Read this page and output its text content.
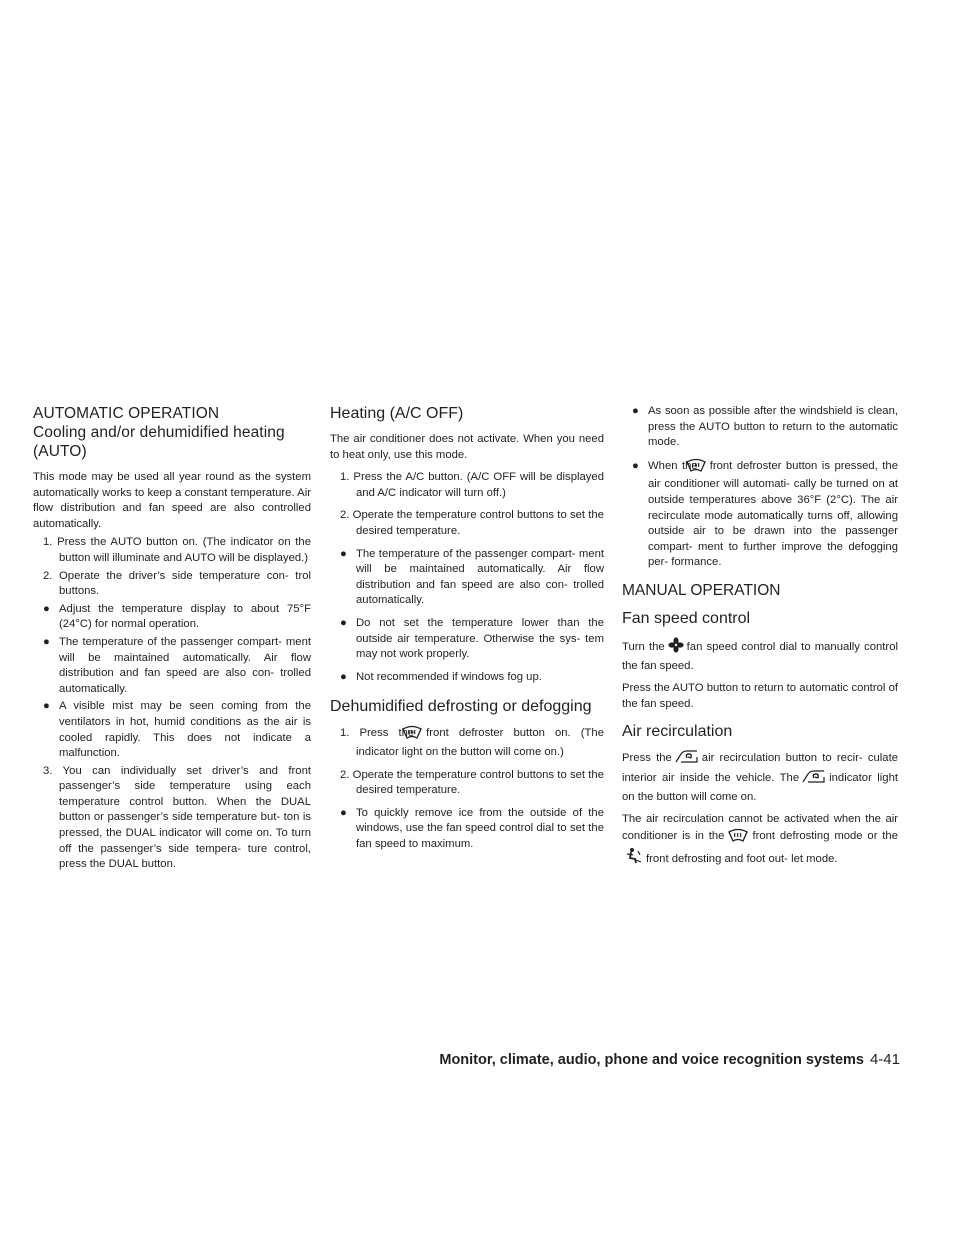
AUTOMATIC OPERATION
Cooling and/or dehumidified heating
(AUTO)

This mode may be used all year round as the system automatically works to keep a constant temperature. Air flow distribution and fan speed are also controlled automatically.

1. Press the AUTO button on. (The indicator on the button will illuminate and AUTO will be displayed.)

2. Operate the driver’s side temperature con- trol buttons.

● Adjust the temperature display to about 75°F (24°C) for normal operation.

● The temperature of the passenger compart- ment will be maintained automatically. Air flow distribution and fan speed are also con- trolled automatically.

● A visible mist may be seen coming from the ventilators in hot, humid conditions as the air is cooled rapidly. This does not indicate a malfunction.

3. You can individually set driver’s and front passenger’s side temperature using each temperature control button. When the DUAL button or passenger’s side temperature but- ton is pressed, the DUAL indicator will come on. To turn off the passenger’s side tempera- ture control, press the DUAL button.

Heating (A/C OFF)

The air conditioner does not activate. When you need to heat only, use this mode.

1. Press the A/C button. (A/C OFF will be displayed and A/C indicator will turn off.)

2. Operate the temperature control buttons to set the desired temperature.

● The temperature of the passenger compart- ment will be maintained automatically. Air flow distribution and fan speed are also con- trolled automatically.

● Do not set the temperature lower than the outside air temperature. Otherwise the sys- tem may not work properly.

● Not recommended if windows fog up.

Dehumidified defrosting or defogging

1. Press the front defroster button on. (The indicator light on the button will come on.)

2. Operate the temperature control buttons to set the desired temperature.

● To quickly remove ice from the outside of the windows, use the fan speed control dial to set the fan speed to maximum.

● As soon as possible after the windshield is clean, press the AUTO button to return to the automatic mode.

● When the front defroster button is pressed, the air conditioner will automati- cally be turned on at outside temperatures above 36°F (2°C). The air recirculate mode automatically turns off, allowing outside air to be drawn into the passenger compart- ment to further improve the defogging per- formance.

MANUAL OPERATION
Fan speed control

Turn the fan speed control dial to manually control the fan speed.

Press the AUTO button to return to automatic control of the fan speed.

Air recirculation

Press the	air recirculation button to recir- culate interior air inside the vehicle. The	indicator light on the button will come on.

The air recirculation cannot be activated when the air conditioner is in the front defrosting mode or thefront defrosting and foot out- let mode.

Monitor, climate, audio, phone and voice recognition systems 4-41
